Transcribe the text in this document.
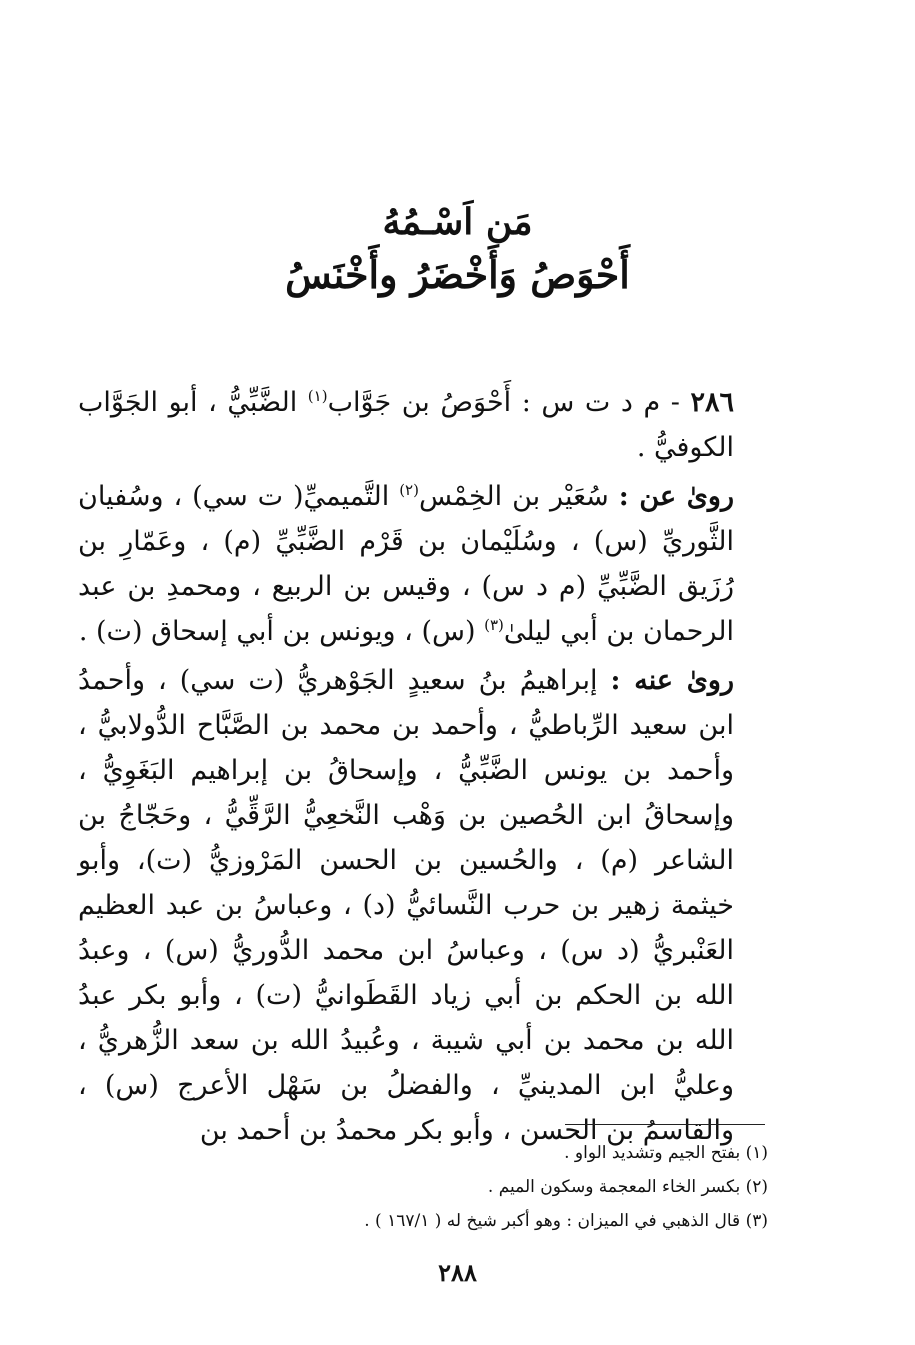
مَن اَسْـمُهُ
أَحْوَصُ وَأَخْضَرُ وأَخْنَسُ

٢٨٦ - م د ت س : أَحْوَصُ بن جَوَّاب$^{(١)}$ الضَّبِّيُّ ، أبو الجَوَّاب الكوفيُّ .

روىٰ عن : سُعَيْر بن الخِمْس$^{(٢)}$ التَّميميِّ( ت سي) ، وسُفيان الثَّوريِّ (س) ، وسُلَيْمان بن قَرْم الضَّبِّيِّ (م) ، وعَمّارِ بن رُزَيق الضَّبِّيِّ (م د س) ، وقيس بن الربيع ، ومحمدِ بن عبد الرحمان بن أبي ليلىٰ$^{(٣)}$ (س) ، ويونس بن أبي إسحاق (ت) .

روىٰ عنه : إبراهيمُ بنُ سعيدٍ الجَوْهريُّ (ت سي) ، وأحمدُ ابن سعيد الرِّباطيُّ ، وأحمد بن محمد بن الصَّبَّاح الدُّولابيُّ ، وأحمد بن يونس الضَّبِّيُّ ، وإسحاقُ بن إبراهيم البَغَوِيُّ ، وإسحاقُ ابن الحُصين بن وَهْب النَّخعِيُّ الرَّقِّيُّ ، وحَجّاجُ بن الشاعر (م) ، والحُسين بن الحسن المَرْوزيُّ (ت)، وأبو خيثمة زهير بن حرب النَّسائيُّ (د) ، وعباسُ بن عبد العظيم العَنْبريُّ (د س) ، وعباسُ ابن محمد الدُّوريُّ (س) ، وعبدُ الله بن الحكم بن أبي زياد القَطَوانيُّ (ت) ، وأبو بكر عبدُ الله بن محمد بن أبي شيبة ، وعُبيدُ الله بن سعد الزُّهريُّ ، وعليُّ ابن المدينيِّ ، والفضلُ بن سَهْل الأعرج (س) ، والقاسمُ بن الحسن ، وأبو بكر محمدُ بن أحمد بن

(١) بفتح الجيم وتشديد الواو .
(٢) بكسر الخاء المعجمة وسكون الميم .
(٣) قال الذهبي في الميزان : وهو أكبر شيخ له ( ١٦٧/١ ) .
٢٨٨
